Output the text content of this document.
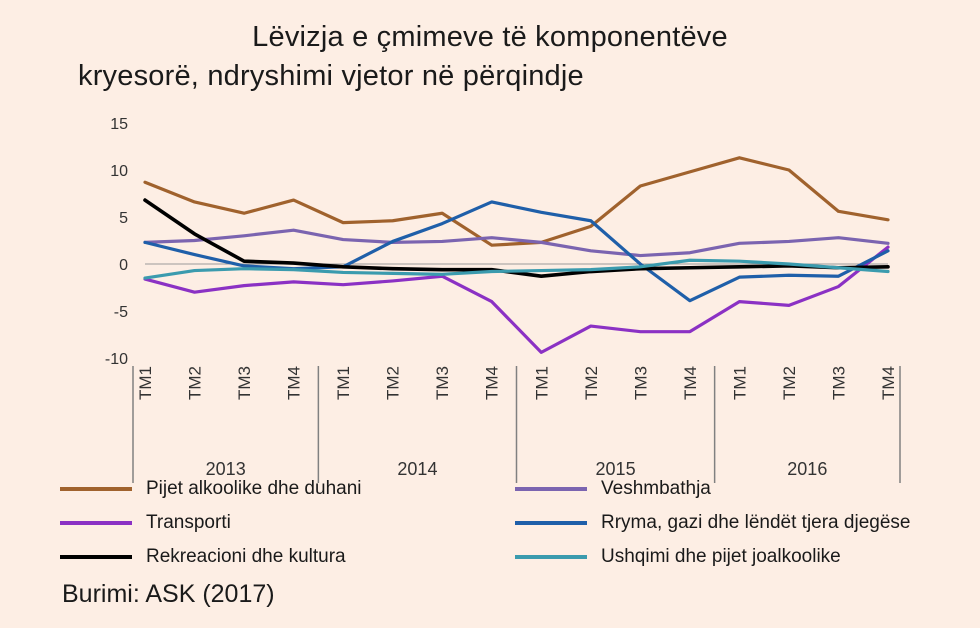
Lëvizja e çmimeve të komponentëve
kryesorë, ndryshimi vjetor në përqindje
-10
-5
0
5
10
15
TM1 TM2 TM3 TM4 TM1 TM2 TM3 TM4 TM1 TM2 TM3 TM4 TM1 TM2 TM3 TM4
2013	2014	2015	2016
Pijet alkoolike dhe duhani	Veshmbathja
Transporti	Rryma, gazi dhe lëndët tjera djegëse
Rekreacioni dhe kultura	Ushqimi dhe pijet joalkoolike
Burimi: ASK (2017)
